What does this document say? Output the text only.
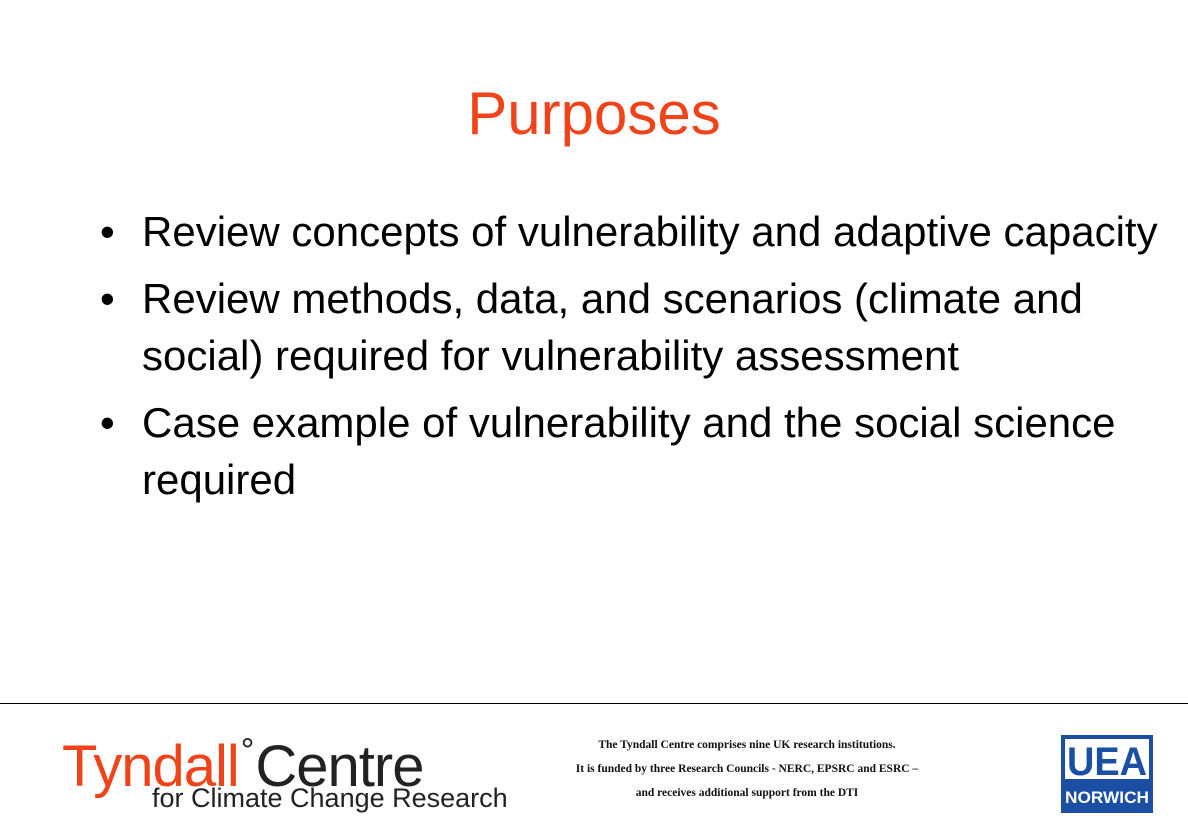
Purposes
• Review concepts of vulnerability and adaptive capacity
• Review methods, data, and scenarios (climate and social) required for vulnerability assessment
• Case example of vulnerability and the social science required
Tyndall°Centre
for Climate Change Research
The Tyndall Centre comprises nine UK research institutions.
It is funded by three Research Councils - NERC, EPSRC and ESRC –
and receives additional support from the DTI
UEA
NORWICH
